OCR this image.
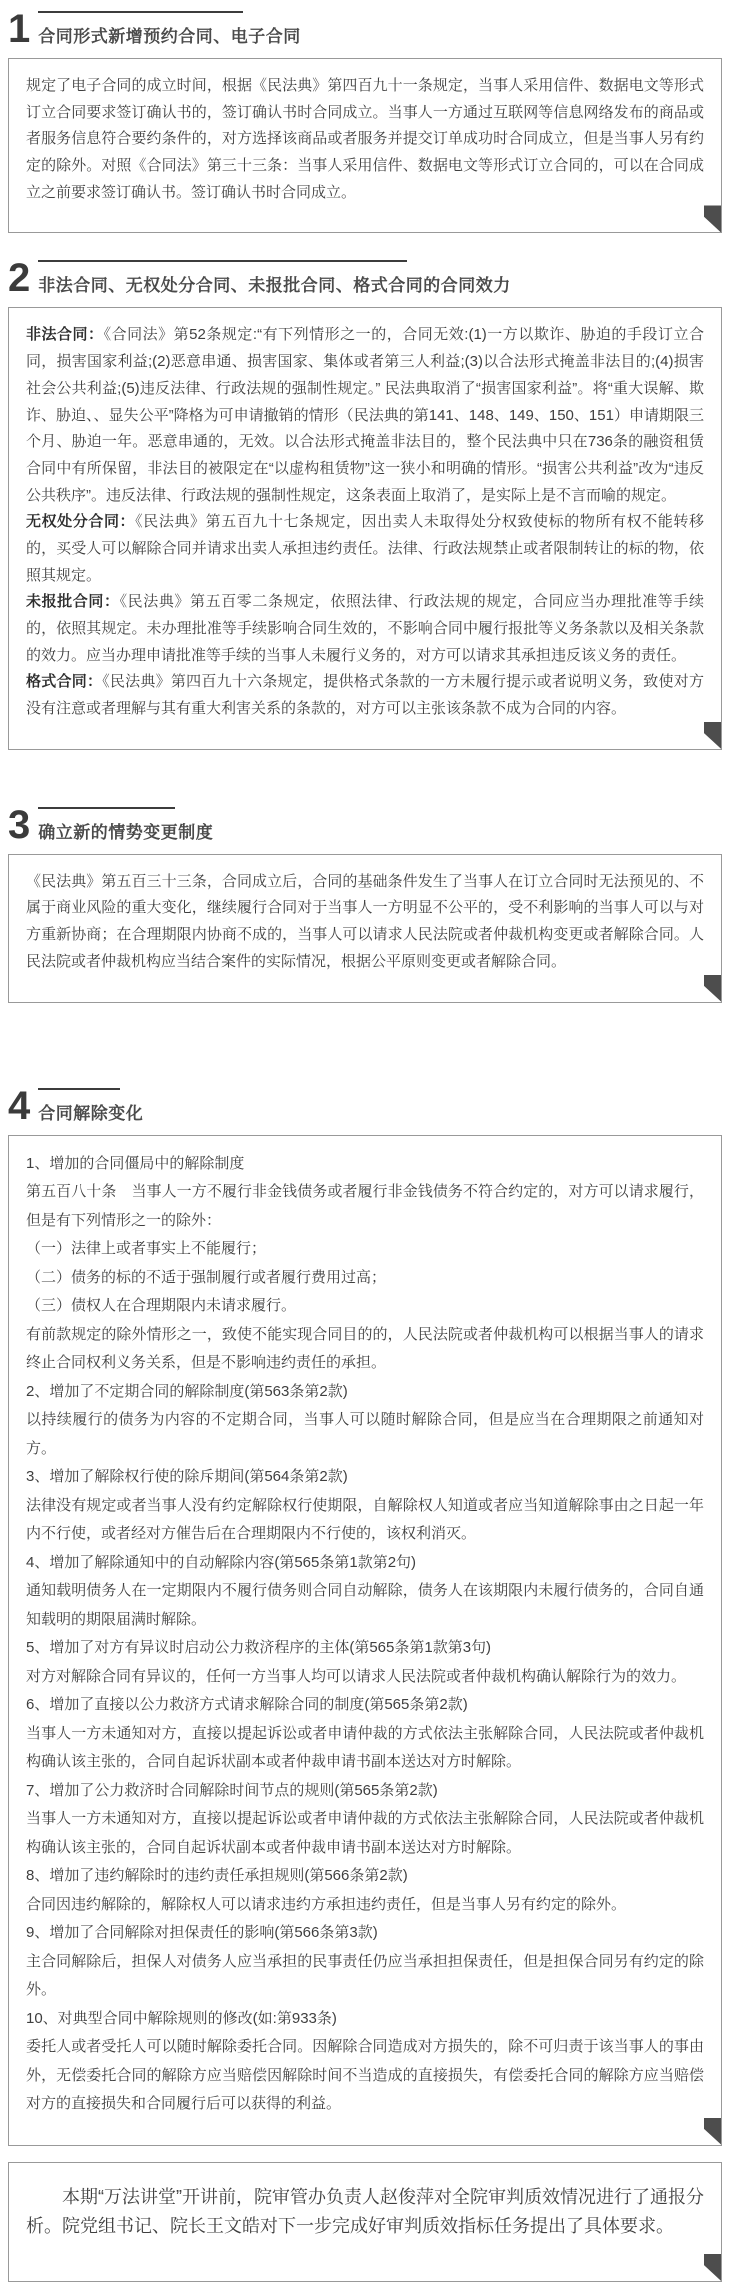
1 合同形式新增预约合同、电子合同

规定了电子合同的成立时间，根据《民法典》第四百九十一条规定，当事人采用信件、数据电文等形式订立合同要求签订确认书的，签订确认书时合同成立。当事人一方通过互联网等信息网络发布的商品或者服务信息符合要约条件的，对方选择该商品或者服务并提交订单成功时合同成立，但是当事人另有约定的除外。对照《合同法》第三十三条：当事人采用信件、数据电文等形式订立合同的，可以在合同成立之前要求签订确认书。签订确认书时合同成立。

2 非法合同、无权处分合同、未报批合同、格式合同的合同效力

非法合同：《合同法》第52条规定:“有下列情形之一的，合同无效:(1)一方以欺诈、胁迫的手段订立合同，损害国家利益;(2)恶意串通、损害国家、集体或者第三人利益;(3)以合法形式掩盖非法目的;(4)损害社会公共利益;(5)违反法律、行政法规的强制性规定。” 民法典取消了“损害国家利益”。将“重大误解、欺诈、胁迫、、显失公平”降格为可申请撤销的情形（民法典的第141、148、149、150、151）申请期限三个月、胁迫一年。恶意串通的，无效。以合法形式掩盖非法目的，整个民法典中只在736条的融资租赁合同中有所保留，非法目的被限定在“以虚构租赁物”这一狭小和明确的情形。“损害公共利益”改为“违反公共秩序”。违反法律、行政法规的强制性规定，这条表面上取消了，是实际上是不言而喻的规定。

无权处分合同：《民法典》第五百九十七条规定，因出卖人未取得处分权致使标的物所有权不能转移的，买受人可以解除合同并请求出卖人承担违约责任。法律、行政法规禁止或者限制转让的标的物，依照其规定。

未报批合同：《民法典》第五百零二条规定，依照法律、行政法规的规定，合同应当办理批准等手续的，依照其规定。未办理批准等手续影响合同生效的，不影响合同中履行报批等义务条款以及相关条款的效力。应当办理申请批准等手续的当事人未履行义务的，对方可以请求其承担违反该义务的责任。

格式合同：《民法典》第四百九十六条规定，提供格式条款的一方未履行提示或者说明义务，致使对方没有注意或者理解与其有重大利害关系的条款的，对方可以主张该条款不成为合同的内容。

3 确立新的情势变更制度

《民法典》第五百三十三条，合同成立后，合同的基础条件发生了当事人在订立合同时无法预见的、不属于商业风险的重大变化，继续履行合同对于当事人一方明显不公平的，受不利影响的当事人可以与对方重新协商；在合理期限内协商不成的，当事人可以请求人民法院或者仲裁机构变更或者解除合同。人民法院或者仲裁机构应当结合案件的实际情况，根据公平原则变更或者解除合同。

4 合同解除变化

1、增加的合同僵局中的解除制度

第五百八十条　当事人一方不履行非金钱债务或者履行非金钱债务不符合约定的，对方可以请求履行，但是有下列情形之一的除外：

（一）法律上或者事实上不能履行；

（二）债务的标的不适于强制履行或者履行费用过高；

（三）债权人在合理期限内未请求履行。

有前款规定的除外情形之一，致使不能实现合同目的的，人民法院或者仲裁机构可以根据当事人的请求终止合同权利义务关系，但是不影响违约责任的承担。

2、增加了不定期合同的解除制度(第563条第2款)

以持续履行的债务为内容的不定期合同，当事人可以随时解除合同，但是应当在合理期限之前通知对方。

3、增加了解除权行使的除斥期间(第564条第2款)

法律没有规定或者当事人没有约定解除权行使期限，自解除权人知道或者应当知道解除事由之日起一年内不行使，或者经对方催告后在合理期限内不行使的，该权利消灭。

4、增加了解除通知中的自动解除内容(第565条第1款第2句)

通知载明债务人在一定期限内不履行债务则合同自动解除，债务人在该期限内未履行债务的，合同自通知载明的期限届满时解除。

5、增加了对方有异议时启动公力救济程序的主体(第565条第1款第3句)

对方对解除合同有异议的，任何一方当事人均可以请求人民法院或者仲裁机构确认解除行为的效力。

6、增加了直接以公力救济方式请求解除合同的制度(第565条第2款)

当事人一方未通知对方，直接以提起诉讼或者申请仲裁的方式依法主张解除合同，人民法院或者仲裁机构确认该主张的，合同自起诉状副本或者仲裁申请书副本送达对方时解除。

7、增加了公力救济时合同解除时间节点的规则(第565条第2款)

当事人一方未通知对方，直接以提起诉讼或者申请仲裁的方式依法主张解除合同，人民法院或者仲裁机构确认该主张的，合同自起诉状副本或者仲裁申请书副本送达对方时解除。

8、增加了违约解除时的违约责任承担规则(第566条第2款)

合同因违约解除的，解除权人可以请求违约方承担违约责任，但是当事人另有约定的除外。

9、增加了合同解除对担保责任的影响(第566条第3款)

主合同解除后，担保人对债务人应当承担的民事责任仍应当承担担保责任，但是担保合同另有约定的除外。

10、对典型合同中解除规则的修改(如:第933条)

委托人或者受托人可以随时解除委托合同。因解除合同造成对方损失的，除不可归责于该当事人的事由外，无偿委托合同的解除方应当赔偿因解除时间不当造成的直接损失，有偿委托合同的解除方应当赔偿对方的直接损失和合同履行后可以获得的利益。

本期“万法讲堂”开讲前，院审管办负责人赵俊萍对全院审判质效情况进行了通报分析。院党组书记、院长王文皓对下一步完成好审判质效指标任务提出了具体要求。
